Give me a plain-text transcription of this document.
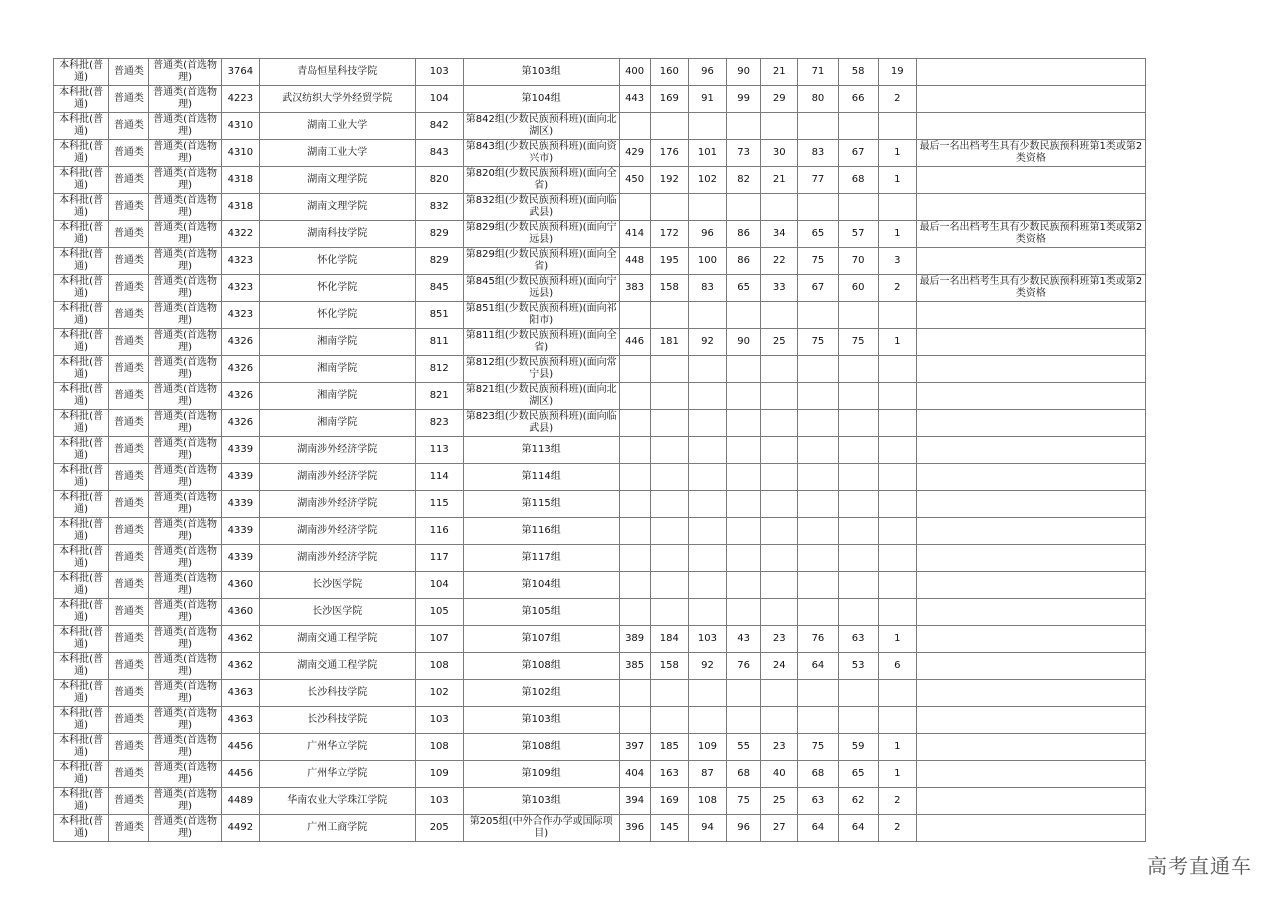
本科批(普通)	普通类	普通类(首选物理)	3764	青岛恒星科技学院	103	第103组	400	160	96	90	21	71	58	19	
本科批(普通)	普通类	普通类(首选物理)	4223	武汉纺织大学外经贸学院	104	第104组	443	169	91	99	29	80	66	2	
本科批(普通)	普通类	普通类(首选物理)	4310	湖南工业大学	842	第842组(少数民族预科班)(面向北湖区)									
本科批(普通)	普通类	普通类(首选物理)	4310	湖南工业大学	843	第843组(少数民族预科班)(面向资兴市)	429	176	101	73	30	83	67	1	最后一名出档考生具有少数民族预科班第1类或第2类资格
本科批(普通)	普通类	普通类(首选物理)	4318	湖南文理学院	820	第820组(少数民族预科班)(面向全省)	450	192	102	82	21	77	68	1	
本科批(普通)	普通类	普通类(首选物理)	4318	湖南文理学院	832	第832组(少数民族预科班)(面向临武县)									
本科批(普通)	普通类	普通类(首选物理)	4322	湖南科技学院	829	第829组(少数民族预科班)(面向宁远县)	414	172	96	86	34	65	57	1	最后一名出档考生具有少数民族预科班第1类或第2类资格
本科批(普通)	普通类	普通类(首选物理)	4323	怀化学院	829	第829组(少数民族预科班)(面向全省)	448	195	100	86	22	75	70	3	
本科批(普通)	普通类	普通类(首选物理)	4323	怀化学院	845	第845组(少数民族预科班)(面向宁远县)	383	158	83	65	33	67	60	2	最后一名出档考生具有少数民族预科班第1类或第2类资格
本科批(普通)	普通类	普通类(首选物理)	4323	怀化学院	851	第851组(少数民族预科班)(面向祁阳市)									
本科批(普通)	普通类	普通类(首选物理)	4326	湘南学院	811	第811组(少数民族预科班)(面向全省)	446	181	92	90	25	75	75	1	
本科批(普通)	普通类	普通类(首选物理)	4326	湘南学院	812	第812组(少数民族预科班)(面向常宁县)									
本科批(普通)	普通类	普通类(首选物理)	4326	湘南学院	821	第821组(少数民族预科班)(面向北湖区)									
本科批(普通)	普通类	普通类(首选物理)	4326	湘南学院	823	第823组(少数民族预科班)(面向临武县)									
本科批(普通)	普通类	普通类(首选物理)	4339	湖南涉外经济学院	113	第113组									
本科批(普通)	普通类	普通类(首选物理)	4339	湖南涉外经济学院	114	第114组									
本科批(普通)	普通类	普通类(首选物理)	4339	湖南涉外经济学院	115	第115组									
本科批(普通)	普通类	普通类(首选物理)	4339	湖南涉外经济学院	116	第116组									
本科批(普通)	普通类	普通类(首选物理)	4339	湖南涉外经济学院	117	第117组									
本科批(普通)	普通类	普通类(首选物理)	4360	长沙医学院	104	第104组									
本科批(普通)	普通类	普通类(首选物理)	4360	长沙医学院	105	第105组									
本科批(普通)	普通类	普通类(首选物理)	4362	湖南交通工程学院	107	第107组	389	184	103	43	23	76	63	1	
本科批(普通)	普通类	普通类(首选物理)	4362	湖南交通工程学院	108	第108组	385	158	92	76	24	64	53	6	
本科批(普通)	普通类	普通类(首选物理)	4363	长沙科技学院	102	第102组									
本科批(普通)	普通类	普通类(首选物理)	4363	长沙科技学院	103	第103组									
本科批(普通)	普通类	普通类(首选物理)	4456	广州华立学院	108	第108组	397	185	109	55	23	75	59	1	
本科批(普通)	普通类	普通类(首选物理)	4456	广州华立学院	109	第109组	404	163	87	68	40	68	65	1	
本科批(普通)	普通类	普通类(首选物理)	4489	华南农业大学珠江学院	103	第103组	394	169	108	75	25	63	62	2	
本科批(普通)	普通类	普通类(首选物理)	4492	广州工商学院	205	第205组(中外合作办学或国际项目)	396	145	94	96	27	64	64	2	
高考直通车
